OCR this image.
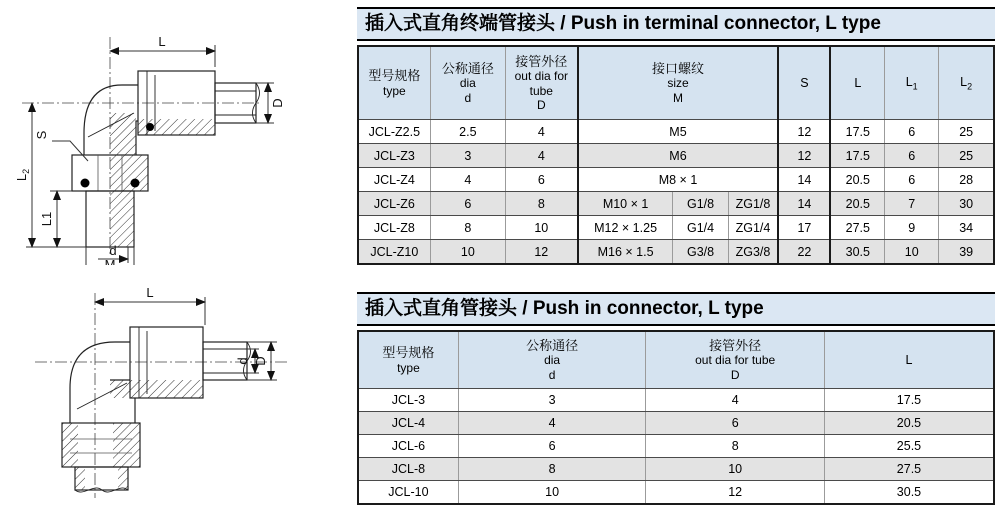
L
D
S
$L_2$
L1
d
M
L
d D
插入式直角终端管接头 / Push in terminal connector, L type
型号规格
type

公称通径
dia
d

接管外径
out dia for
tube
D

接口螺纹
size
M
	S	L	$L_1$	$L_2$
JCL-Z2.5	2.5	4	M5			12	17.5	6	25
JCL-Z3	3	4	M6			12	17.5	6	25
JCL-Z4	4	6	M8 × 1			14	20.5	6	28
JCL-Z6	6	8	M10 × 1	G1/8	ZG1/8	14	20.5	7	30
JCL-Z8	8	10	M12 × 1.25	G1/4	ZG1/4	17	27.5	9	34
JCL-Z10	10	12	M16 × 1.5	G3/8	ZG3/8	22	30.5	10	39
插入式直角管接头 / Push in connector, L type
型号规格
type

公称通径
dia
d

接管外径
out dia for tube
D
	L
JCL-3	3	4	17.5
JCL-4	4	6	20.5
JCL-6	6	8	25.5
JCL-8	8	10	27.5
JCL-10	10	12	30.5
